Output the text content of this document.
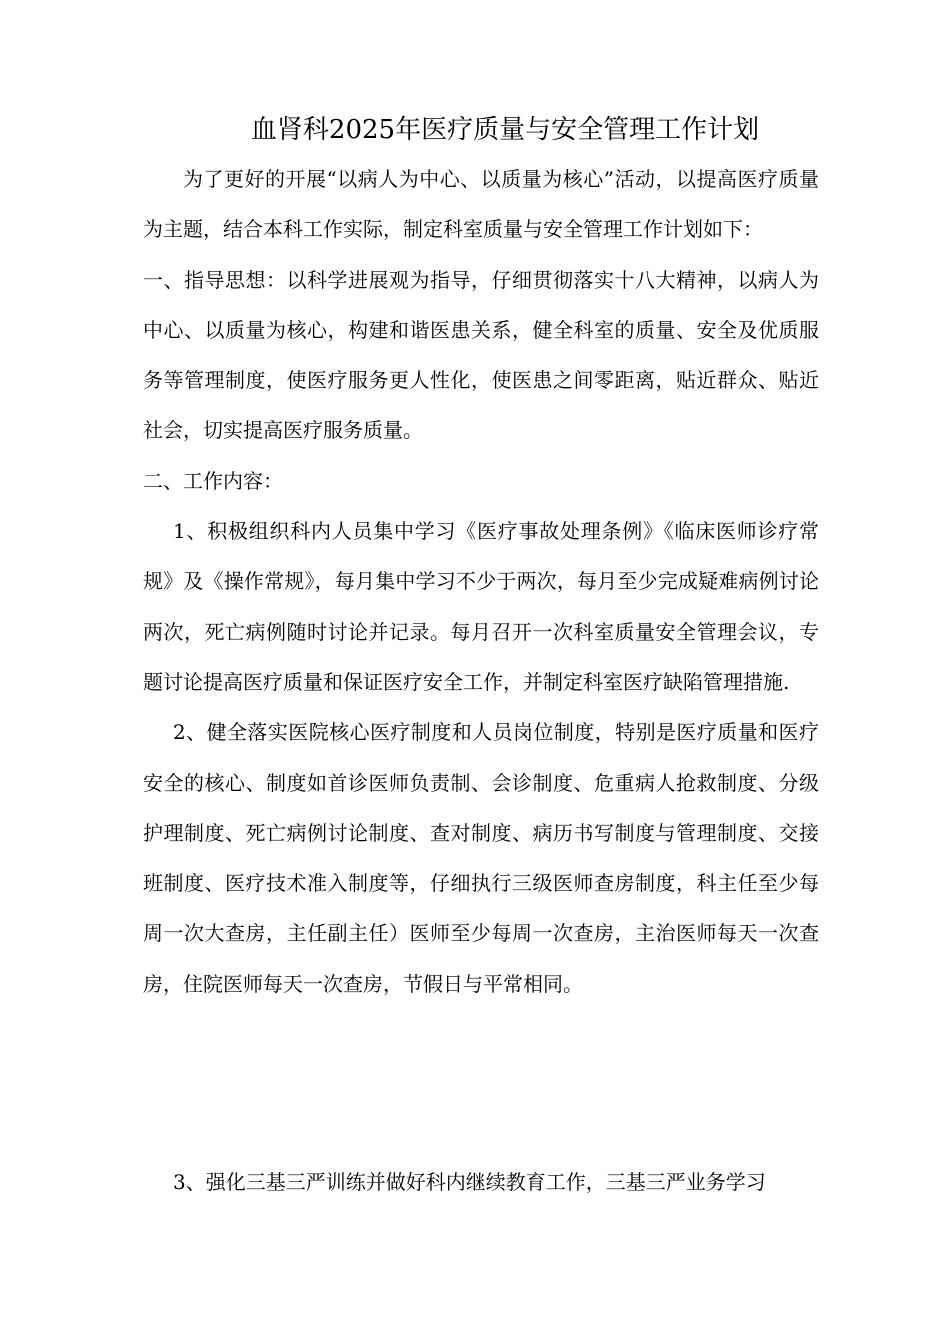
血肾科2025年医疗质量与安全管理工作计划

为了更好的开展“以病人为中心、以质量为核心”活动，以提高医疗质量为主题，结合本科工作实际，制定科室质量与安全管理工作计划如下：

一、指导思想：以科学进展观为指导，仔细贯彻落实十八大精神，以病人为中心、以质量为核心，构建和谐医患关系，健全科室的质量、安全及优质服务等管理制度，使医疗服务更人性化，使医患之间零距离，贴近群众、贴近社会，切实提高医疗服务质量。

二、工作内容：

1、积极组织科内人员集中学习《医疗事故处理条例》《临床医师诊疗常规》及《操作常规》，每月集中学习不少于两次，每月至少完成疑难病例讨论两次，死亡病例随时讨论并记录。每月召开一次科室质量安全管理会议，专题讨论提高医疗质量和保证医疗安全工作，并制定科室医疗缺陷管理措施.

2、健全落实医院核心医疗制度和人员岗位制度，特别是医疗质量和医疗安全的核心、制度如首诊医师负责制、会诊制度、危重病人抢救制度、分级护理制度、死亡病例讨论制度、查对制度、病历书写制度与管理制度、交接班制度、医疗技术准入制度等，仔细执行三级医师查房制度，科主任至少每周一次大查房，主任副主任）医师至少每周一次查房，主治医师每天一次查房，住院医师每天一次查房，节假日与平常相同。

3、强化三基三严训练并做好科内继续教育工作，三基三严业务学习
